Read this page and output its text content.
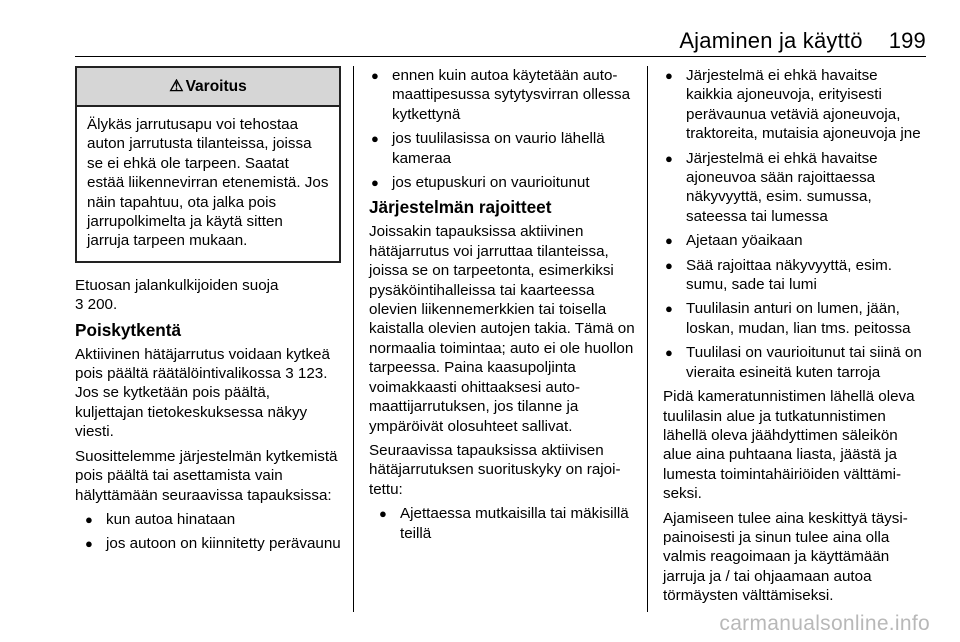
Ajaminen ja käyttö 199
⚠ Varoitus
Älykäs jarrutusapu voi tehostaa auton jarrutusta tilanteissa, joissa se ei ehkä ole tarpeen. Saatat estää liikennevirran etenemistä. Jos näin tapahtuu, ota jalka pois jarrupolkimelta ja käytä sitten jarruja tarpeen mukaan.

Etuosan jalankulkijoiden suoja
3 200.

Poiskytkentä

Aktiivinen hätäjarrutus voidaan kytkeä pois päältä räätälöintivalikossa 3 123. Jos se kytketään pois päältä, kuljettajan tietokeskuksessa näkyy viesti.

Suosittelemme järjestelmän kytkemistä pois päältä tai asettamista vain hälyttämään seuraavissa tapauksissa:

● kun autoa hinataan
● jos autoon on kiinnitetty perävaunu
● ennen kuin autoa käytetään automaattipesussa sytytysvirran ollessa kytkettynä
● jos tuulilasissa on vaurio lähellä kameraa
● jos etupuskuri on vaurioitunut
Järjestelmän rajoitteet

Joissakin tapauksissa aktiivinen hätäjarrutus voi jarruttaa tilanteissa, joissa se on tarpeetonta, esimerkiksi pysäköintihalleissa tai kaarteessa olevien liikennemerkkien tai toisella kaistalla olevien autojen takia. Tämä on normaalia toimintaa; auto ei ole huollon tarpeessa. Paina kaasupoljinta voimakkaasti ohittaaksesi automaattijarrutuksen, jos tilanne ja ympäröivät olosuhteet sallivat.

Seuraavissa tapauksissa aktiivisen hätäjarrutuksen suorituskyky on rajoitettu:

● Ajettaessa mutkaisilla tai mäkisillä teillä
● Järjestelmä ei ehkä havaitse kaikkia ajoneuvoja, erityisesti perävaunua vetäviä ajoneuvoja, traktoreita, mutaisia ajoneuvoja jne
● Järjestelmä ei ehkä havaitse ajoneuvoa sään rajoittaessa näkyvyyttä, esim. sumussa, sateessa tai lumessa
● Ajetaan yöaikaan
● Sää rajoittaa näkyvyyttä, esim. sumu, sade tai lumi
● Tuulilasin anturi on lumen, jään, loskan, mudan, lian tms. peitossa
● Tuulilasi on vaurioitunut tai siinä on vieraita esineitä kuten tarroja

Pidä kameratunnistimen lähellä oleva tuulilasin alue ja tutkatunnistimen lähellä oleva jäähdyttimen säleikön alue aina puhtaana liasta, jäästä ja lumesta toimintahäiriöiden välttämiseksi.

Ajamiseen tulee aina keskittyä täysipainoisesti ja sinun tulee aina olla valmis reagoimaan ja käyttämään jarruja ja / tai ohjaamaan autoa törmäysten välttämiseksi.

carmanualsonline.info
